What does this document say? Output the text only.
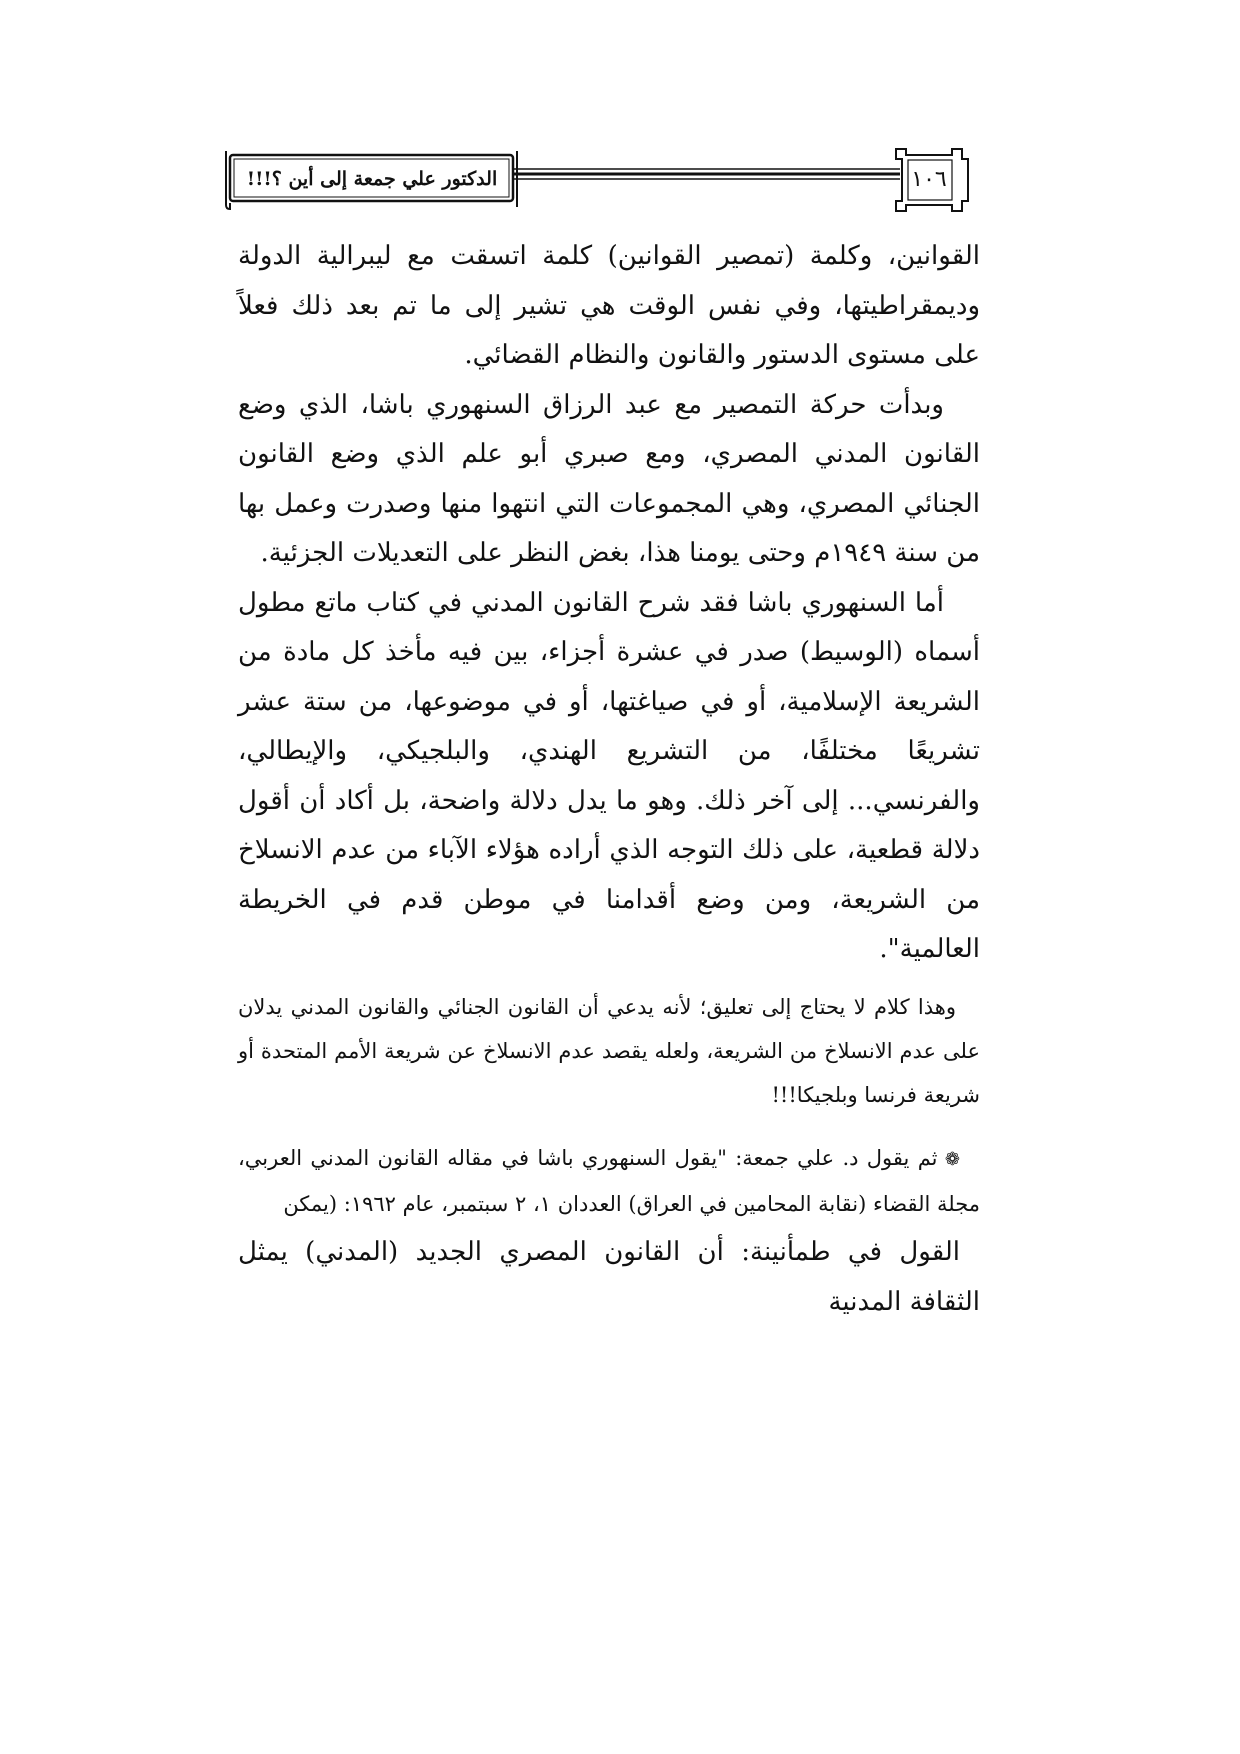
الدكتور علي جمعة إلى أين ؟!!!	١٠٦

القوانين، وكلمة (تمصير القوانين) كلمة اتسقت مع ليبرالية الدولة وديمقراطيتها، وفي نفس الوقت هي تشير إلى ما تم بعد ذلك فعلاً على مستوى الدستور والقانون والنظام القضائي.

وبدأت حركة التمصير مع عبد الرزاق السنهوري باشا، الذي وضع القانون المدني المصري، ومع صبري أبو علم الذي وضع القانون الجنائي المصري، وهي المجموعات التي انتهوا منها وصدرت وعمل بها من سنة ١٩٤٩م وحتى يومنا هذا، بغض النظر على التعديلات الجزئية.

أما السنهوري باشا فقد شرح القانون المدني في كتاب ماتع مطول أسماه (الوسيط) صدر في عشرة أجزاء، بين فيه مأخذ كل مادة من الشريعة الإسلامية، أو في صياغتها، أو في موضوعها، من ستة عشر تشريعًا مختلفًا، من التشريع الهندي، والبلجيكي، والإيطالي، والفرنسي... إلى آخر ذلك. وهو ما يدل دلالة واضحة، بل أكاد أن أقول دلالة قطعية، على ذلك التوجه الذي أراده هؤلاء الآباء من عدم الانسلاخ من الشريعة، ومن وضع أقدامنا في موطن قدم في الخريطة العالمية".

وهذا كلام لا يحتاج إلى تعليق؛ لأنه يدعي أن القانون الجنائي والقانون المدني يدلان على عدم الانسلاخ من الشريعة، ولعله يقصد عدم الانسلاخ عن شريعة الأمم المتحدة أو شريعة فرنسا وبلجيكا!!!

❁ ثم يقول د. علي جمعة: "يقول السنهوري باشا في مقاله القانون المدني العربي، مجلة القضاء (نقابة المحامين في العراق) العددان ١، ٢ سبتمبر، عام ١٩٦٢: (يمكن

القول في طمأنينة: أن القانون المصري الجديد (المدني) يمثل الثقافة المدنية
